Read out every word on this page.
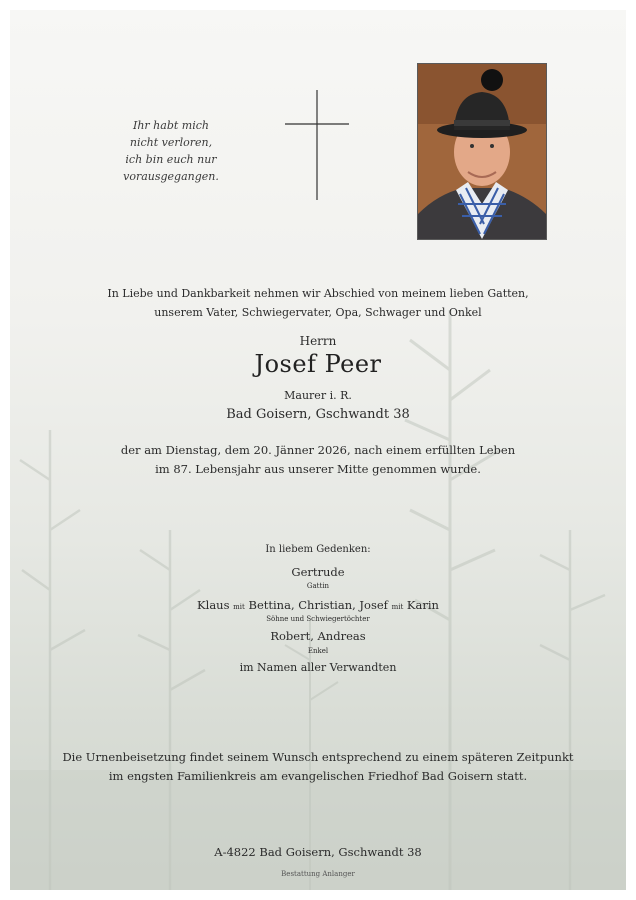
Ihr habt mich
nicht verloren,
ich bin euch nur
vorausgegangen.
In Liebe und Dankbarkeit nehmen wir Abschied von meinem lieben Gatten,
unserem Vater, Schwiegervater, Opa, Schwager und Onkel
Herrn
Josef Peer
Maurer i. R.
Bad Goisern, Gschwandt 38
der am Dienstag, dem 20. Jänner 2026, nach einem erfüllten Leben
im 87. Lebensjahr aus unserer Mitte genommen wurde.
In liebem Gedenken:
Gertrude
Gattin
Klaus mit Bettina, Christian, Josef mit Karin
Söhne und Schwiegertöchter
Robert, Andreas
Enkel
im Namen aller Verwandten
Die Urnenbeisetzung findet seinem Wunsch entsprechend zu einem späteren Zeitpunkt
im engsten Familienkreis am evangelischen Friedhof Bad Goisern statt.
A-4822 Bad Goisern, Gschwandt 38
Bestattung Anlanger
